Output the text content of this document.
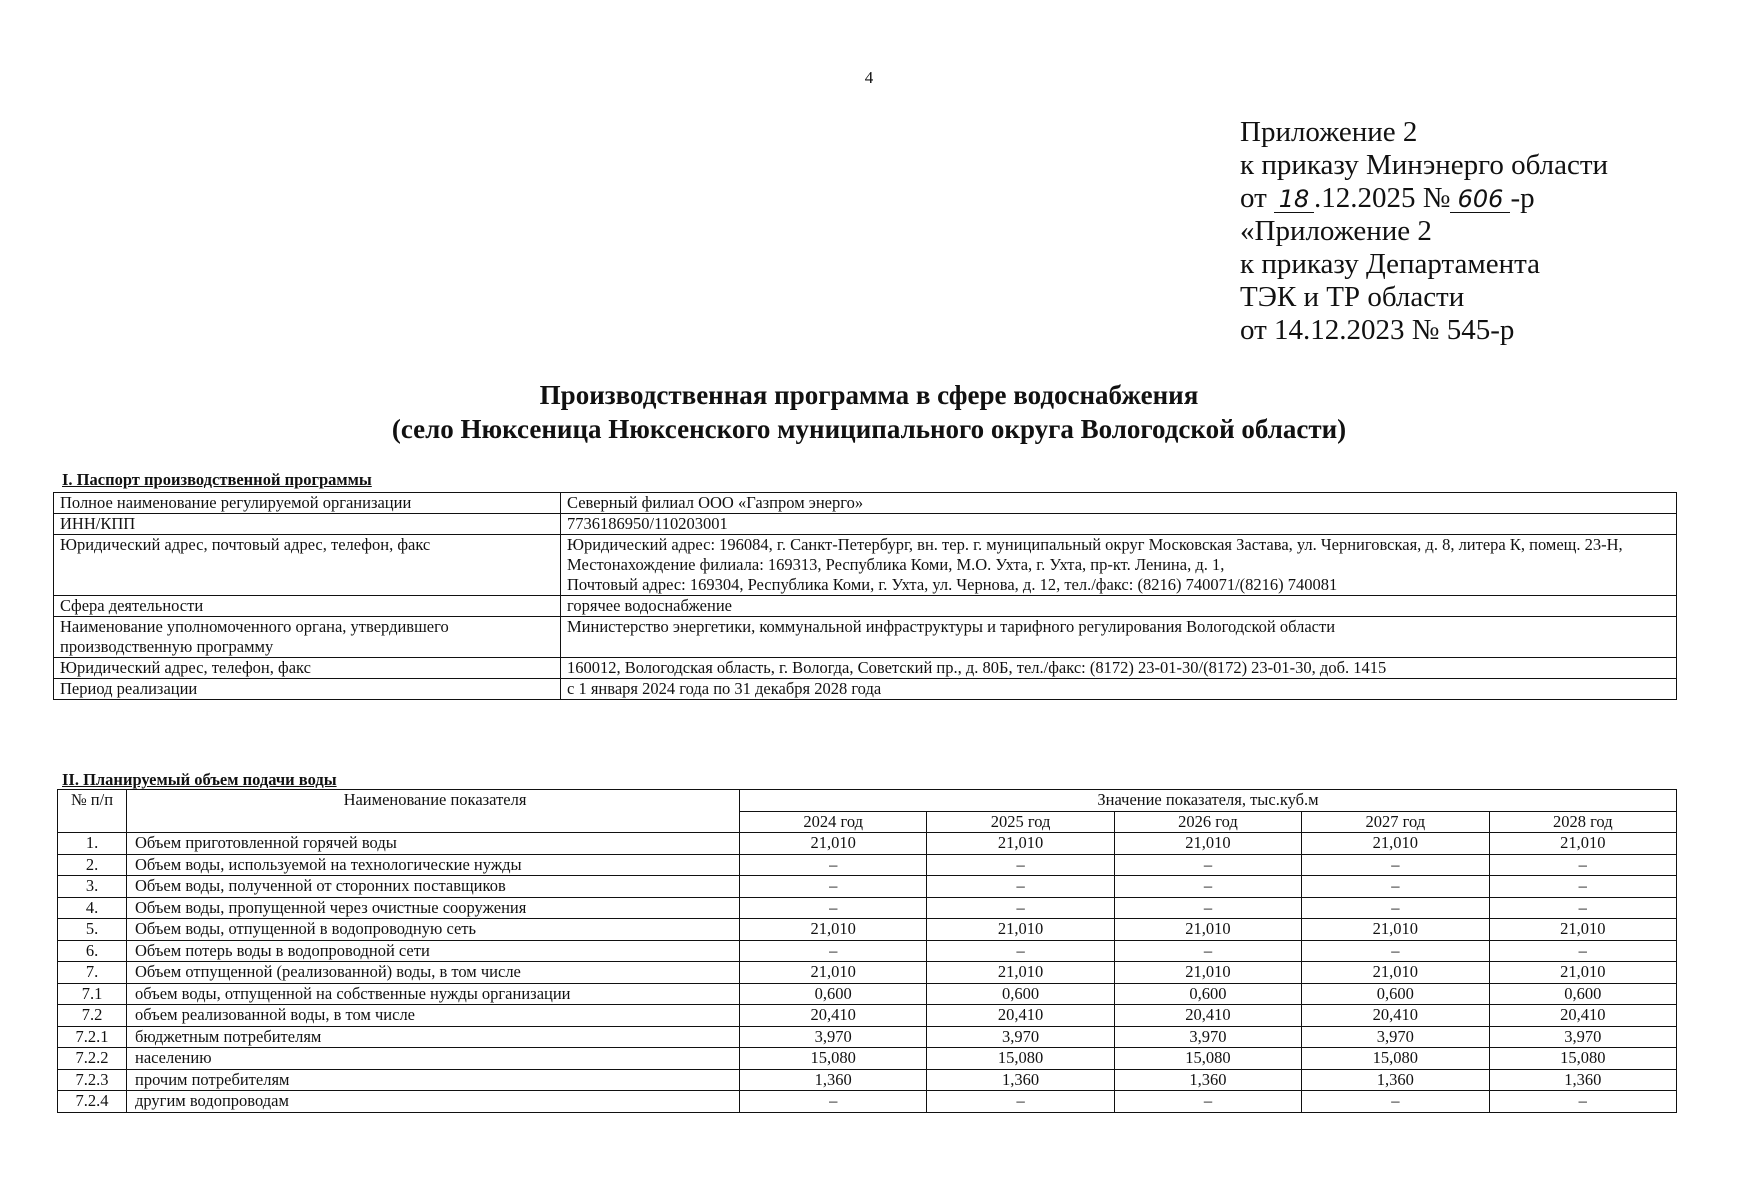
4
Приложение 2
к приказу Минэнерго области
от 18 .12.2025 № 606 -р
«Приложение 2
к приказу Департамента
ТЭК и ТР области
от 14.12.2023 № 545-р
Производственная программа в сфере водоснабжения
(село Нюксеница Нюксенского муниципального округа Вологодской области)
I. Паспорт производственной программы
Полное наименование регулируемой организации	Северный филиал ООО «Газпром энерго»

ИНН/КПП	7736186950/110203001

Юридический адрес, почтовый адрес, телефон, факс	Юридический адрес: 196084, г. Санкт-Петербург, вн. тер. г. муниципальный округ Московская Застава, ул. Черниговская, д. 8, литера К, помещ. 23-Н,
Местонахождение филиала: 169313, Республика Коми, М.О. Ухта, г. Ухта, пр-кт. Ленина, д. 1,
Почтовый адрес: 169304, Республика Коми, г. Ухта, ул. Чернова, д. 12, тел./факс: (8216) 740071/(8216) 740081

Сфера деятельности	горячее водоснабжение

Наименование уполномоченного органа, утвердившего производственную программу	Министерство энергетики, коммунальной инфраструктуры и тарифного регулирования Вологодской области

Юридический адрес, телефон, факс	160012, Вологодская область, г. Вологда, Советский пр., д. 80Б, тел./факс: (8172) 23-01-30/(8172) 23-01-30, доб. 1415

Период реализации	с 1 января 2024 года по 31 декабря 2028 года
II. Планируемый объем подачи воды
№ п/п	Наименование показателя	Значение показателя, тыс.куб.м				
		2024 год	2025 год	2026 год	2027 год	2028 год
1.	Объем приготовленной горячей воды	21,010	21,010	21,010	21,010	21,010
2.	Объем воды, используемой на технологические нужды	–	–	–	–	–
3.	Объем воды, полученной от сторонних поставщиков	–	–	–	–	–
4.	Объем воды, пропущенной через очистные сооружения	–	–	–	–	–
5.	Объем воды, отпущенной в водопроводную сеть	21,010	21,010	21,010	21,010	21,010
6.	Объем потерь воды в водопроводной сети	–	–	–	–	–
7.	Объем отпущенной (реализованной) воды, в том числе	21,010	21,010	21,010	21,010	21,010
7.1	объем воды, отпущенной на собственные нужды организации	0,600	0,600	0,600	0,600	0,600
7.2	объем реализованной воды, в том числе	20,410	20,410	20,410	20,410	20,410
7.2.1	бюджетным потребителям	3,970	3,970	3,970	3,970	3,970
7.2.2	населению	15,080	15,080	15,080	15,080	15,080
7.2.3	прочим потребителям	1,360	1,360	1,360	1,360	1,360
7.2.4	другим водопроводам	–	–	–	–	–
